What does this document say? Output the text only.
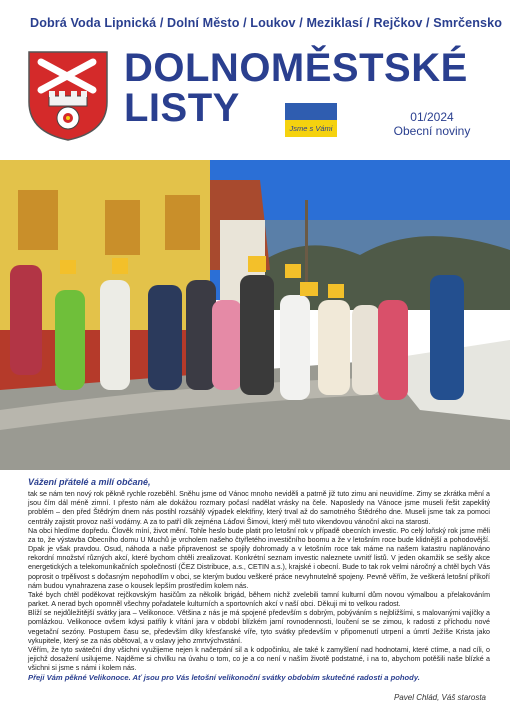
Dobrá Voda Lipnická / Dolní Město / Loukov / Meziklasí / Rejčkov / Smrčensko
DOLNOMĚSTSKÉ
LISTY	Jsme s Vámi
01/2024
Obecní noviny
Vážení přátelé a milí občané,

tak se nám ten nový rok pěkně rychle rozeběhl. Sněhu jsme od Vánoc mnoho neviděli a patrně již tuto zimu ani neuvidíme. Zimy se zkrátka mění a jsou čím dál méně zimní. I přesto nám ale dokážou rozmary počasí nadělat vrásky na čele. Naposledy na Vánoce jsme museli řešit zapeklitý problém – den před Štědrým dnem nás postihl rozsáhlý výpadek elektřiny, který trval až do samotného Štědrého dne. Museli jsme tak za pomoci centrály zajistit provoz naší vodárny. A za to patří dík zejména Láďovi Šimovi, který měl tuto vikendovou vánoční akci na starosti.

Na obci hledíme dopředu. Člověk míní, život mění. Tohle heslo bude platit pro letošní rok v případě obecních investic. Po celý loňský rok jsme měli za to, že výstavba Obecního domu U Muchů je vrcholem našeho čtyřletého investičního boomu a že v letošním roce bude klidnější a pohodovější. Dpak je však pravdou. Osud, náhoda a naše připravenost se spojily dohromady a v letošním roce tak máme na našem katastru naplánováno rekordní množství různých akcí, které bychom chtěli zrealizovat. Konkrétní seznam investic naleznete uvnitř listů. V jeden okamžik se sešly akce energetických a telekomunikačních společností (ČEZ Distribuce, a.s., CETIN a.s.), krajské i obecní. Bude to tak rok velmi náročný a chtěl bych Vás poprosit o trpělivost s dočasným nepohodlím v obci, se kterým budou veškeré práce nevyhnutelně spojeny. Pevně věřím, že veškerá letošní příkoří nám budou vynahrazena zase o kousek lepším prostředím kolem nás.

Také bych chtěl poděkovat rejčkovským hasičům za několik brigád, během nichž zvelebili tamní kulturní dům novou výmalbou a přelakováním parket. A nerad bych opomněl všechny pořadatele kulturních a sportovních akcí v naší obci. Děkuji mi to velkou radost.

Blíží se nejdůležitější svátky jara – Velikonoce. Většina z nás je má spojené především s dobrým, pobýváním s nejbližšími, s malovanými vajíčky a pomlázkou. Velikonoce ovšem kdysi patřily k vítání jara v období blízkém jarní rovnodennosti, loučení se se zimou, k radosti z příchodu nové vegetační sezóny. Postupem času se, především díky křesťanské víře, tyto svátky především v připomenutí utrpení a úmrtí Ježíše Krista jako vykupitele, který se za nás obětoval, a v oslavy jeho zmrtvýchvstání.

Věřím, že tyto sváteční dny všichni využijeme nejen k načerpání sil a k odpočinku, ale také k zamyšlení nad hodnotami, které ctíme, a nad cíli, o jejichž dosažení usilujeme. Najděme si chvilku na úvahu o tom, co je a co není v naším životě podstatné, i na to, abychom potěšili naše blízké a všichni si jsme s námi i kolem nás.

Přeji Vám pěkné Velikonoce. Ať jsou pro Vás letošní velikonoční svátky obdobím skutečné radosti a pohody.

Pavel Chlád, Váš starosta
